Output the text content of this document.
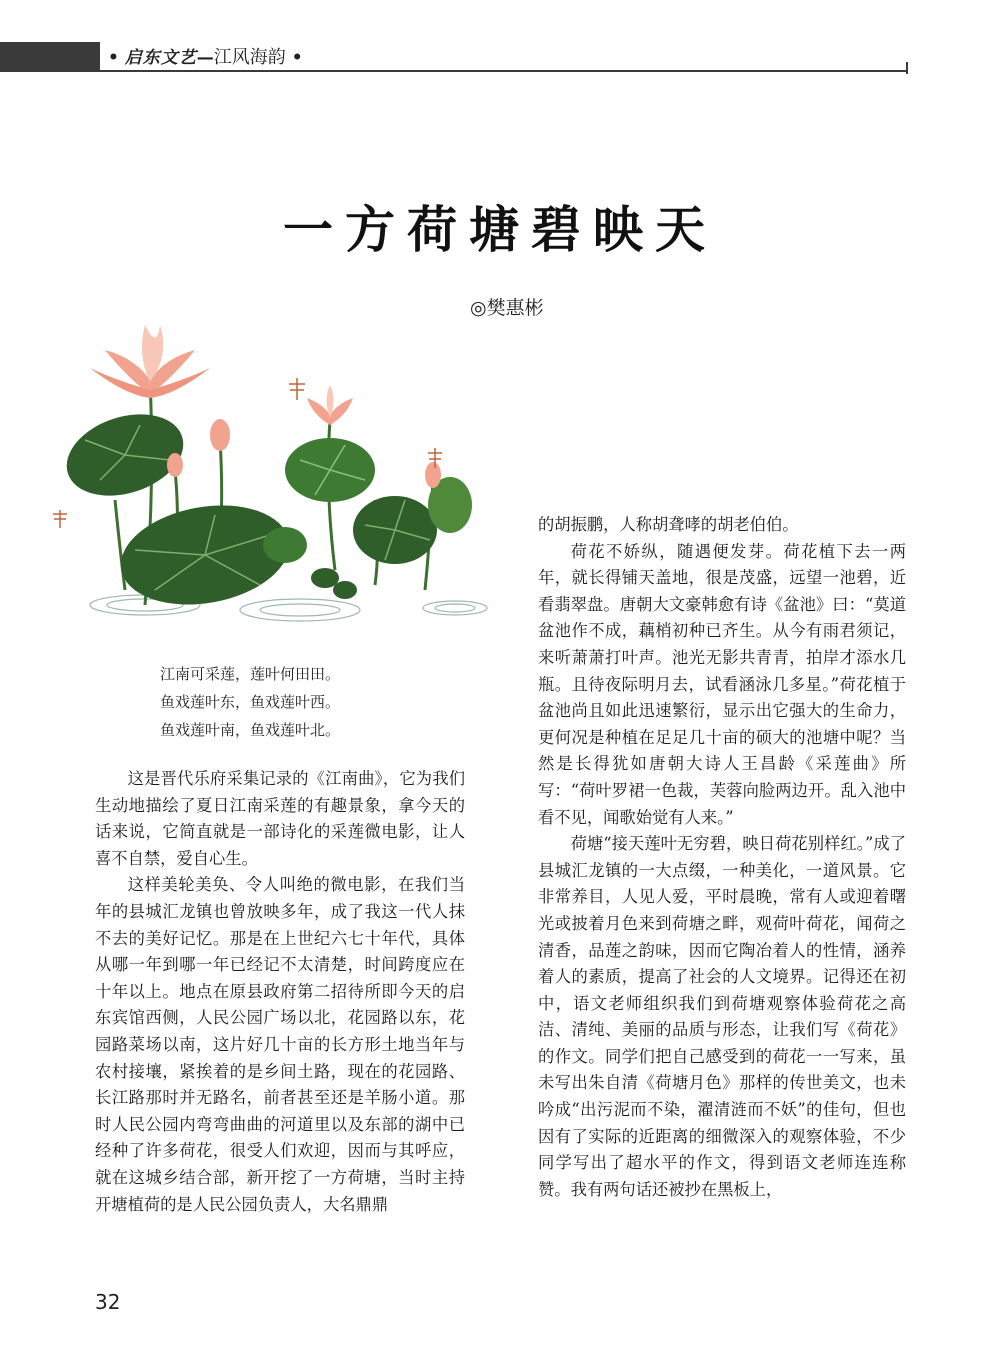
• 启东文艺—江风海韵 •
一方荷塘碧映天
◎樊惠彬
江南可采莲，莲叶何田田。
鱼戏莲叶东，鱼戏莲叶西。
鱼戏莲叶南，鱼戏莲叶北。

这是晋代乐府采集记录的《江南曲》，它为我们生动地描绘了夏日江南采莲的有趣景象，拿今天的话来说，它简直就是一部诗化的采莲微电影，让人喜不自禁，爱自心生。

这样美轮美奂、令人叫绝的微电影，在我们当年的县城汇龙镇也曾放映多年，成了我这一代人抹不去的美好记忆。那是在上世纪六七十年代，具体从哪一年到哪一年已经记不太清楚，时间跨度应在十年以上。地点在原县政府第二招待所即今天的启东宾馆西侧，人民公园广场以北，花园路以东，花园路菜场以南，这片好几十亩的长方形土地当年与农村接壤，紧挨着的是乡间土路，现在的花园路、长江路那时并无路名，前者甚至还是羊肠小道。那时人民公园内弯弯曲曲的河道里以及东部的湖中已经种了许多荷花，很受人们欢迎，因而与其呼应，就在这城乡结合部，新开挖了一方荷塘，当时主持开塘植荷的是人民公园负责人，大名鼎鼎

的胡振鹏，人称胡聋哮的胡老伯伯。

荷花不娇纵，随遇便发芽。荷花植下去一两年，就长得铺天盖地，很是茂盛，远望一池碧，近看翡翠盘。唐朝大文豪韩愈有诗《盆池》曰：“莫道盆池作不成，藕梢初种已齐生。从今有雨君须记，来听萧萧打叶声。池光无影共青青，拍岸才添水几瓶。且待夜际明月去，试看涵泳几多星。”荷花植于盆池尚且如此迅速繁衍，显示出它强大的生命力，更何况是种植在足足几十亩的硕大的池塘中呢？当然是长得犹如唐朝大诗人王昌龄《采莲曲》所写：“荷叶罗裙一色裁，芙蓉向脸两边开。乱入池中看不见，闻歌始觉有人来。”

荷塘“接天莲叶无穷碧，映日荷花别样红。”成了县城汇龙镇的一大点缀，一种美化，一道风景。它非常养目，人见人爱，平时晨晚，常有人或迎着曙光或披着月色来到荷塘之畔，观荷叶荷花，闻荷之清香，品莲之韵味，因而它陶冶着人的性情，涵养着人的素质，提高了社会的人文境界。记得还在初中，语文老师组织我们到荷塘观察体验荷花之高洁、清纯、美丽的品质与形态，让我们写《荷花》的作文。同学们把自己感受到的荷花一一写来，虽未写出朱自清《荷塘月色》那样的传世美文，也未吟成“出污泥而不染，濯清涟而不妖”的佳句，但也因有了实际的近距离的细微深入的观察体验，不少同学写出了超水平的作文，得到语文老师连连称赞。我有两句话还被抄在黑板上，

32
